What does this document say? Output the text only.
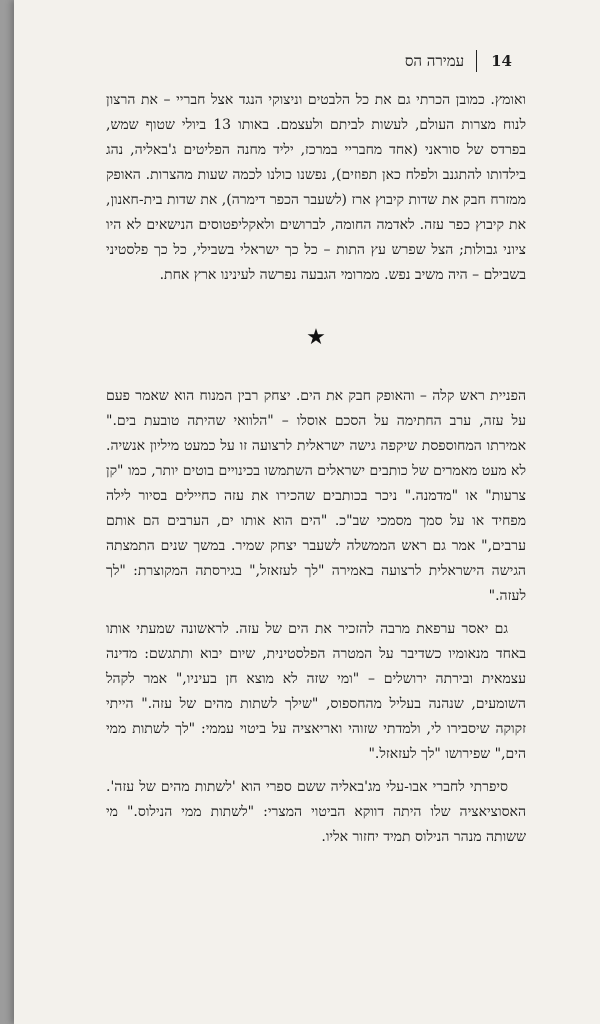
14
עמירה הס

ואומץ. כמובן הכרתי גם את כל הלבטים וניצוקי הנגד אצל חבריי – את הרצון לנוח מצרות העולם, לעשות לביתם ולעצמם. באותו 13 ביולי שטוף שמש, בפרדס של סוראני (אחד מחבריי במרכז, יליד מחנה הפליטים ג'באליה, נהג בילדותו להתגנב ולפלח כאן תפוזים), נפשנו כולנו לכמה שעות מהצרות. האופק ממזרח חבק את שדות קיבוץ ארז (לשעבר הכפר דימרה), את שדות בית-חאנון, את קיבוץ כפר עזה. לאדמה החומה, לברושים ולאקליפטוסים הנישאים לא היו ציוני גבולות; הצל שפרש עץ התות – כל כך ישראלי בשבילי, כל כך פלסטיני בשבילם – היה משיב נפש. ממרומי הגבעה נפרשה לעינינו ארץ אחת.

★

הפניית ראש קלה – והאופק חבק את הים. יצחק רבין המנוח הוא שאמר פעם על עזה, ערב החתימה על הסכם אוסלו – "הלוואי שהיתה טובעת בים." אמירתו המחוספסת שיקפה גישה ישראלית לרצועה זו על כמעט מיליון אנשיה. לא מעט מאמרים של כותבים ישראלים השתמשו בכינויים בוטים יותר, כמו "קן צרעות" או "מדמנה." ניכר בכותבים שהכירו את עזה כחיילים בסיור לילה מפחיד או על סמך מסמכי שב"כ. "הים הוא אותו ים, הערבים הם אותם ערבים," אמר גם ראש הממשלה לשעבר יצחק שמיר. במשך שנים התמצתה הגישה הישראלית לרצועה באמירה "לך לעזאזל," בגירסתה המקוצרת: "לך לעזה."

גם יאסר ערפאת מרבה להזכיר את הים של עזה. לראשונה שמעתי אותו באחד מנאומיו כשדיבר על המטרה הפלסטינית, שיום יבוא ותתגשם: מדינה עצמאית ובירתה ירושלים – "ומי שזה לא מוצא חן בעיניו," אמר לקהל השומעים, שנהנה בעליל מהחספוס, "שילך לשתות מהים של עזה." הייתי זקוקה שיסבירו לי, ולמדתי שזוהי ואריאציה על ביטוי עממי: "לך לשתות ממי הים," שפירושו "לך לעזאזל."

סיפרתי לחברי אבו-עלי מג'באליה ששם ספרי הוא 'לשתות מהים של עזה'. האסוציאציה שלו היתה דווקא הביטוי המצרי: "לשתות ממי הנילוס." מי ששותה מנהר הנילוס תמיד יחזור אליו.
